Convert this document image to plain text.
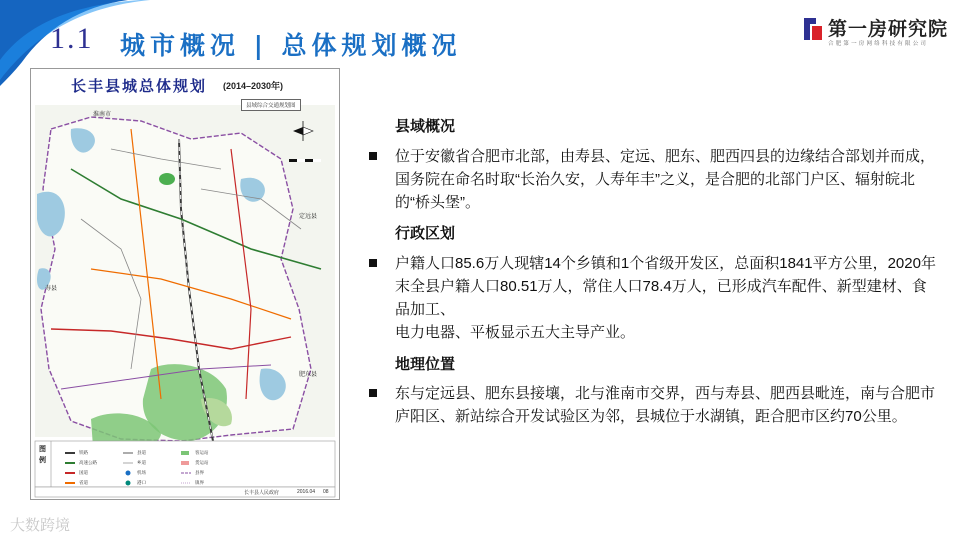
1.1 城市概况 | 总体规划概况
第一房研究院
合肥第一房网络科技有限公司
长丰县城总体规划 (2014–2030年)
县域综合交通规划图
定远县
寿县
肥东县
淮南市
图例
铁路
高速公路
国道
省道
县道
乡道
机场
港口
客运站
货运站
县界
镇界
长丰县人民政府	2016.04 08
县域概况
位于安徽省合肥市北部，由寿县、定远、肥东、肥西四县的边缘结合部划并而成，国务院在命名时取“长治久安，人寿年丰”之义，是合肥的北部门户区、辐射皖北的“桥头堡”。
行政区划
户籍人口85.6万人现辖14个乡镇和1个省级开发区，总面积1841平方公里，2020年末全县户籍人口80.51万人，常住人口78.4万人，已形成汽车配件、新型建材、食品加工、
电力电器、平板显示五大主导产业。
地理位置
东与定远县、肥东县接壤，北与淮南市交界，西与寿县、肥西县毗连，南与合肥市庐阳区、新站综合开发试验区为邻，县城位于水湖镇，距合肥市区约70公里。
大数跨境
